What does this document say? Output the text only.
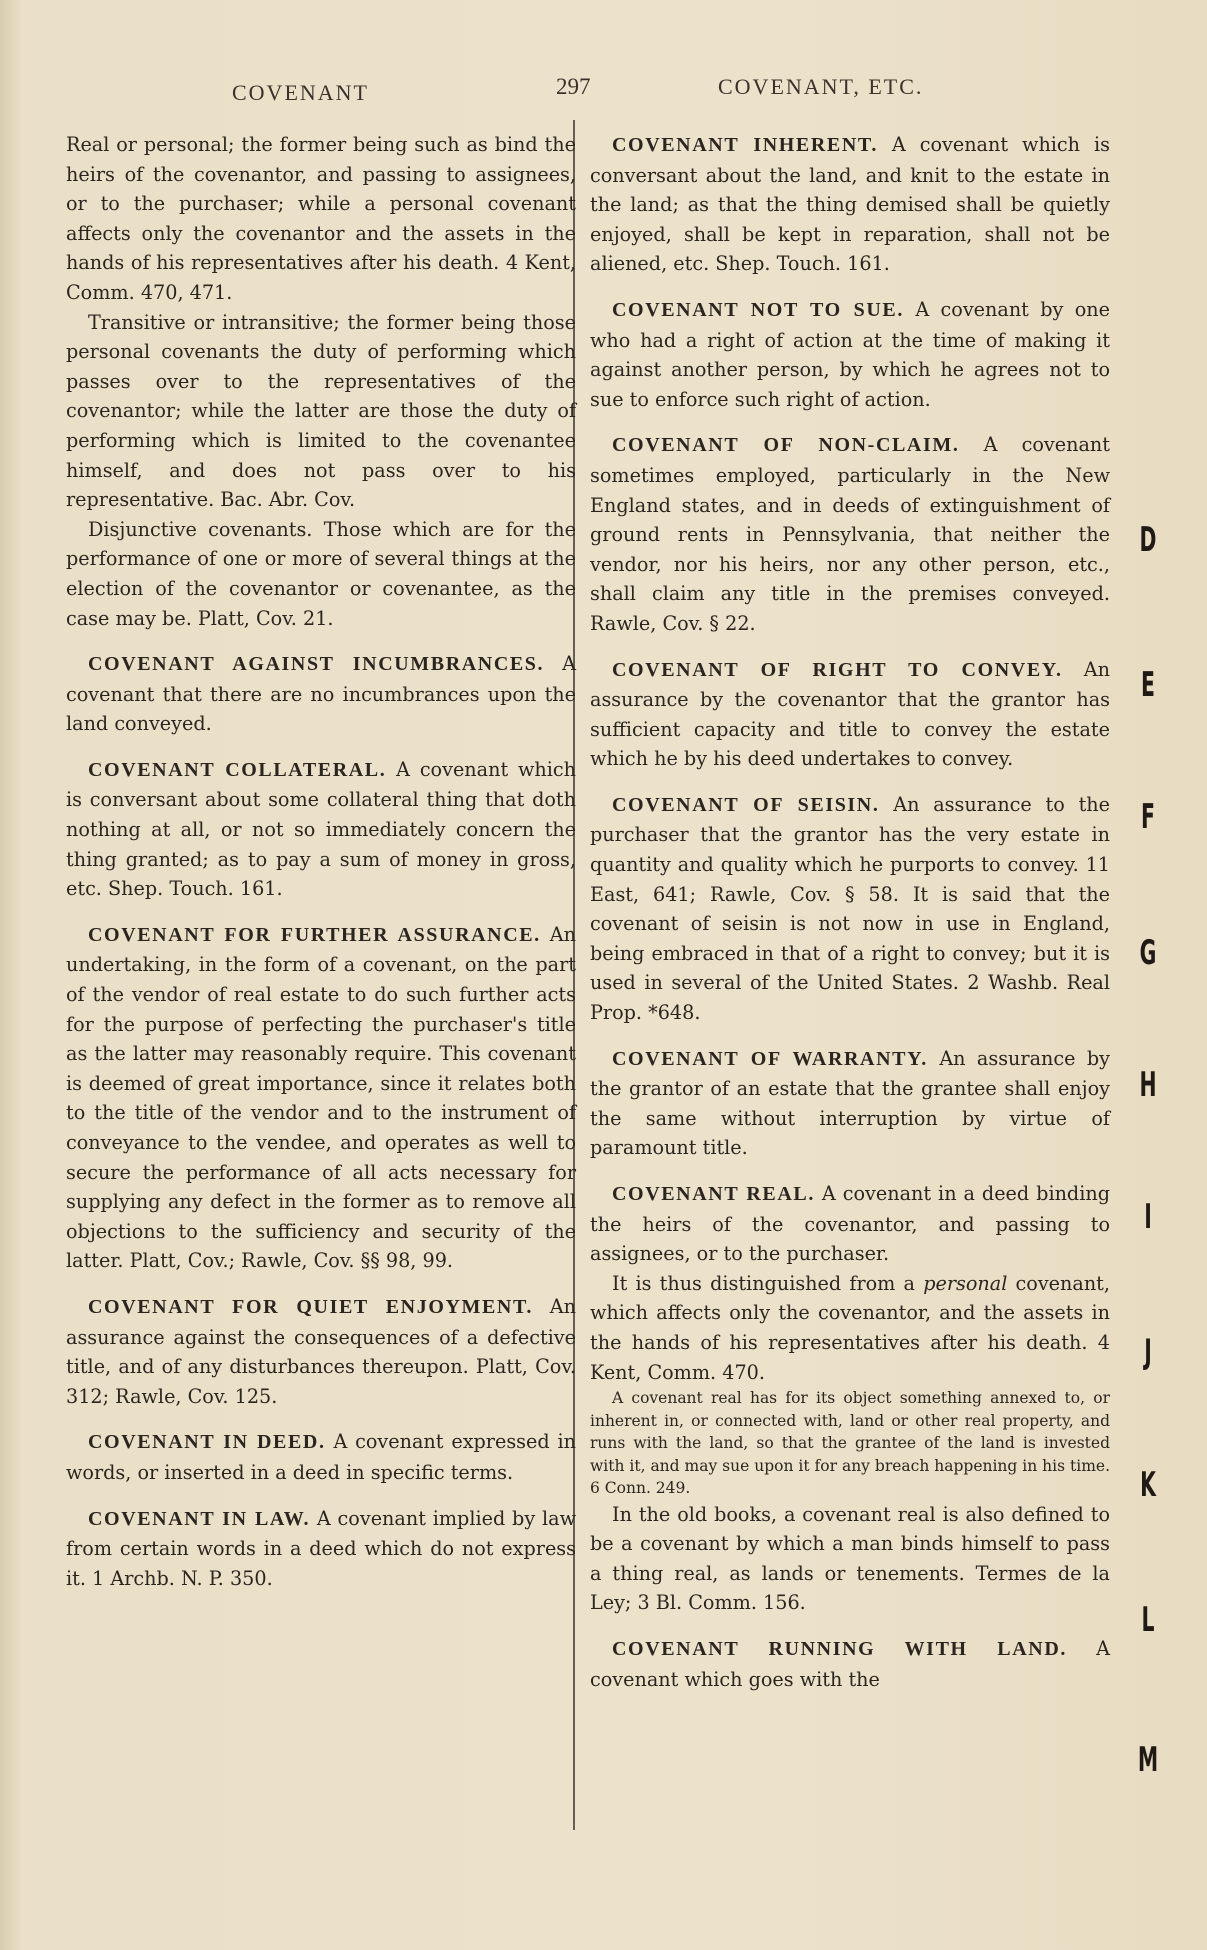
COVENANT	297	COVENANT, ETC.

Real or personal; the former being such as bind the heirs of the covenantor, and passing to assignees, or to the purchaser; while a personal covenant affects only the covenantor and the assets in the hands of his representatives after his death. 4 Kent, Comm. 470, 471.

Transitive or intransitive; the former being those personal covenants the duty of performing which passes over to the representatives of the covenantor; while the latter are those the duty of performing which is limited to the covenantee himself, and does not pass over to his representative. Bac. Abr. Cov.

Disjunctive covenants. Those which are for the performance of one or more of several things at the election of the covenantor or covenantee, as the case may be. Platt, Cov. 21.

COVENANT AGAINST INCUMBRANCES. A covenant that there are no incumbrances upon the land conveyed.

COVENANT COLLATERAL. A covenant which is conversant about some collateral thing that doth nothing at all, or not so immediately concern the thing granted; as to pay a sum of money in gross, etc. Shep. Touch. 161.

COVENANT FOR FURTHER ASSURANCE. An undertaking, in the form of a covenant, on the part of the vendor of real estate to do such further acts for the purpose of perfecting the purchaser's title as the latter may reasonably require. This covenant is deemed of great importance, since it relates both to the title of the vendor and to the instrument of conveyance to the vendee, and operates as well to secure the performance of all acts necessary for supplying any defect in the former as to remove all objections to the sufficiency and security of the latter. Platt, Cov.; Rawle, Cov. §§ 98, 99.

COVENANT FOR QUIET ENJOYMENT. An assurance against the consequences of a defective title, and of any disturbances thereupon. Platt, Cov. 312; Rawle, Cov. 125.

COVENANT IN DEED. A covenant expressed in words, or inserted in a deed in specific terms.

COVENANT IN LAW. A covenant implied by law from certain words in a deed which do not express it. 1 Archb. N. P. 350.

COVENANT INHERENT. A covenant which is conversant about the land, and knit to the estate in the land; as that the thing demised shall be quietly enjoyed, shall be kept in reparation, shall not be aliened, etc. Shep. Touch. 161.

COVENANT NOT TO SUE. A covenant by one who had a right of action at the time of making it against another person, by which he agrees not to sue to enforce such right of action.

COVENANT OF NON-CLAIM. A covenant sometimes employed, particularly in the New England states, and in deeds of extinguishment of ground rents in Pennsylvania, that neither the vendor, nor his heirs, nor any other person, etc., shall claim any title in the premises conveyed. Rawle, Cov. § 22.

COVENANT OF RIGHT TO CONVEY. An assurance by the covenantor that the grantor has sufficient capacity and title to convey the estate which he by his deed undertakes to convey.

COVENANT OF SEISIN. An assurance to the purchaser that the grantor has the very estate in quantity and quality which he purports to convey. 11 East, 641; Rawle, Cov. § 58. It is said that the covenant of seisin is not now in use in England, being embraced in that of a right to convey; but it is used in several of the United States. 2 Washb. Real Prop. *648.

COVENANT OF WARRANTY. An assurance by the grantor of an estate that the grantee shall enjoy the same without interruption by virtue of paramount title.

COVENANT REAL. A covenant in a deed binding the heirs of the covenantor, and passing to assignees, or to the purchaser.

It is thus distinguished from a personal covenant, which affects only the covenantor, and the assets in the hands of his representatives after his death. 4 Kent, Comm. 470.

A covenant real has for its object something annexed to, or inherent in, or connected with, land or other real property, and runs with the land, so that the grantee of the land is invested with it, and may sue upon it for any breach happening in his time. 6 Conn. 249.

In the old books, a covenant real is also defined to be a covenant by which a man binds himself to pass a thing real, as lands or tenements. Termes de la Ley; 3 Bl. Comm. 156.

COVENANT RUNNING WITH LAND. A covenant which goes with the

D
E
F
G
H
I
J
K
L
M
